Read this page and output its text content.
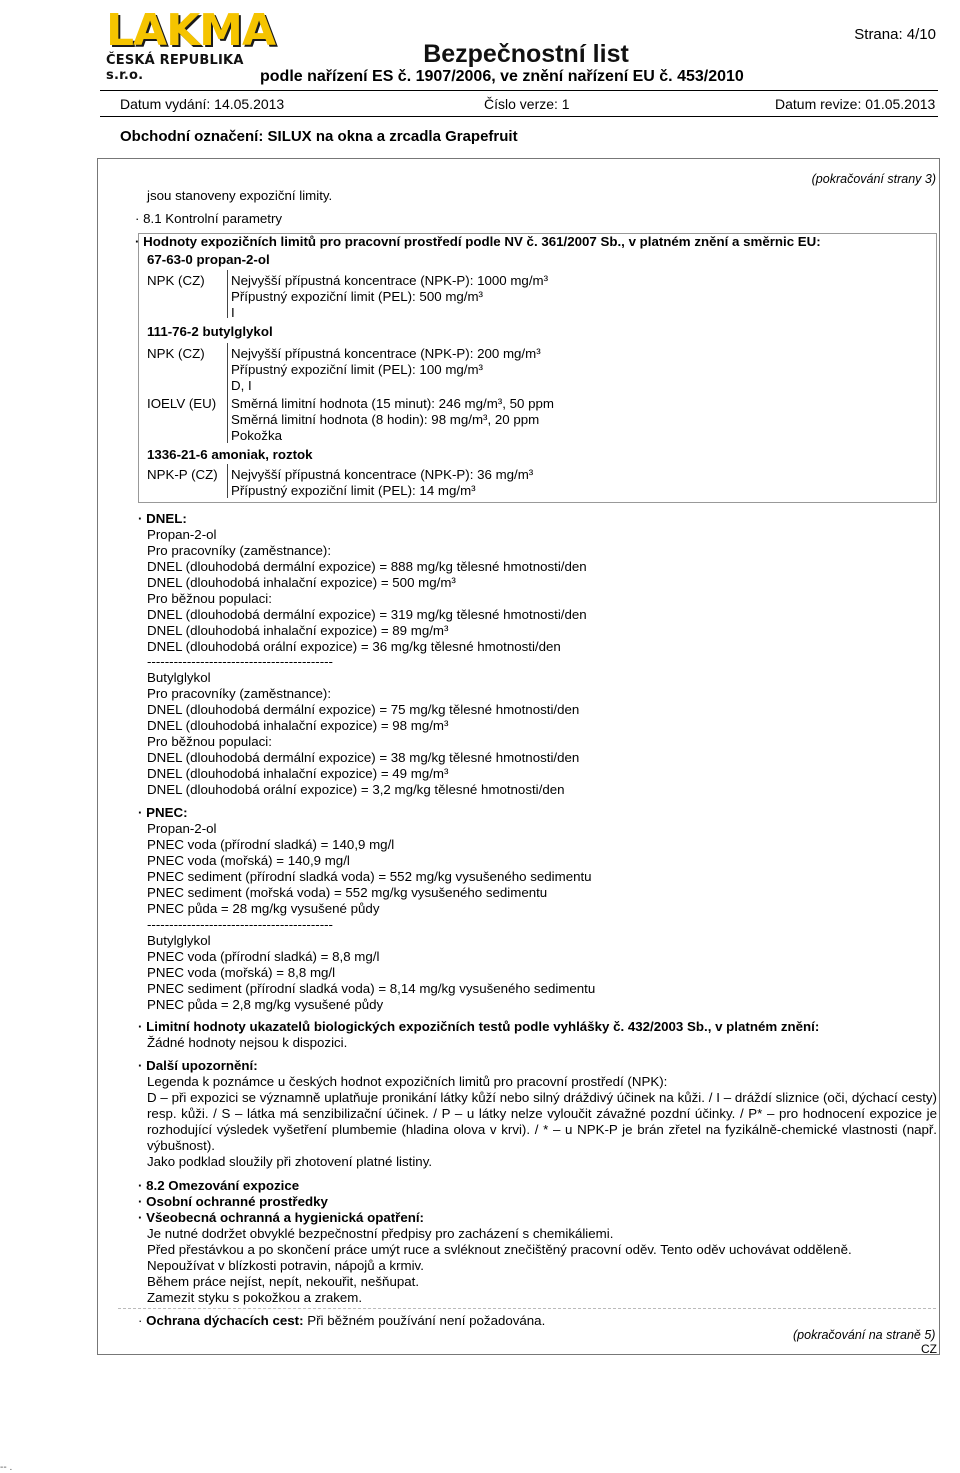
LAKMA
ČESKÁ REPUBLIKA s.r.o.
Strana: 4/10
Bezpečnostní list
podle nařízení ES č. 1907/2006, ve znění nařízení EU č. 453/2010
Datum vydání: 14.05.2013	Číslo verze: 1	Datum revize: 01.05.2013
Obchodní označení: SILUX na okna a zrcadla Grapefruit
(pokračování strany 3)
jsou stanoveny expoziční limity.
· 8.1 Kontrolní parametry
· Hodnoty expozičních limitů pro pracovní prostředí podle NV č. 361/2007 Sb., v platném znění a směrnic EU:
67-63-0 propan-2-ol
NPK (CZ) Nejvyšší přípustná koncentrace (NPK-P): 1000 mg/m³
Přípustný expoziční limit (PEL): 500 mg/m³
I
111-76-2 butylglykol
NPK (CZ) Nejvyšší přípustná koncentrace (NPK-P): 200 mg/m³
Přípustný expoziční limit (PEL): 100 mg/m³
D, I
IOELV (EU) Směrná limitní hodnota (15 minut): 246 mg/m³, 50 ppm
Směrná limitní hodnota (8 hodin): 98 mg/m³, 20 ppm
Pokožka
1336-21-6 amoniak, roztok
NPK-P (CZ) Nejvyšší přípustná koncentrace (NPK-P): 36 mg/m³
Přípustný expoziční limit (PEL): 14 mg/m³
· DNEL:
Propan-2-ol
Pro pracovníky (zaměstnance):
DNEL (dlouhodobá dermální expozice) = 888 mg/kg tělesné hmotnosti/den
DNEL (dlouhodobá inhalační expozice) = 500 mg/m³
Pro běžnou populaci:
DNEL (dlouhodobá dermální expozice) = 319 mg/kg tělesné hmotnosti/den
DNEL (dlouhodobá inhalační expozice) = 89 mg/m³
DNEL (dlouhodobá orální expozice) = 36 mg/kg tělesné hmotnosti/den
------------------------------------------
Butylglykol
Pro pracovníky (zaměstnance):
DNEL (dlouhodobá dermální expozice) = 75 mg/kg tělesné hmotnosti/den
DNEL (dlouhodobá inhalační expozice) = 98 mg/m³
Pro běžnou populaci:
DNEL (dlouhodobá dermální expozice) = 38 mg/kg tělesné hmotnosti/den
DNEL (dlouhodobá inhalační expozice) = 49 mg/m³
DNEL (dlouhodobá orální expozice) = 3,2 mg/kg tělesné hmotnosti/den
· PNEC:
Propan-2-ol
PNEC voda (přírodní sladká) = 140,9 mg/l
PNEC voda (mořská) = 140,9 mg/l
PNEC sediment (přírodní sladká voda) = 552 mg/kg vysušeného sedimentu
PNEC sediment (mořská voda) = 552 mg/kg vysušeného sedimentu
PNEC půda = 28 mg/kg vysušené půdy
------------------------------------------
Butylglykol
PNEC voda (přírodní sladká) = 8,8 mg/l
PNEC voda (mořská) = 8,8 mg/l
PNEC sediment (přírodní sladká voda) = 8,14 mg/kg vysušeného sedimentu
PNEC půda = 2,8 mg/kg vysušené půdy
· Limitní hodnoty ukazatelů biologických expozičních testů podle vyhlášky č. 432/2003 Sb., v platném znění:
Žádné hodnoty nejsou k dispozici.
· Další upozornění:
Legenda k poznámce u českých hodnot expozičních limitů pro pracovní prostředí (NPK):
D – při expozici se významně uplatňuje pronikání látky kůží nebo silný dráždivý účinek na kůži. / I – dráždí sliznice (oči, dýchací cesty) resp. kůži. / S – látka má senzibilizační účinek. / P – u látky nelze vyloučit závažné pozdní účinky. / P* – pro hodnocení expozice je rozhodující výsledek vyšetření plumbemie (hladina olova v krvi). / * – u NPK-P je brán zřetel na fyzikálně-chemické vlastnosti (např. výbušnost).
Jako podklad sloužily při zhotovení platné listiny.
· 8.2 Omezování expozice
· Osobní ochranné prostředky
· Všeobecná ochranná a hygienická opatření:
Je nutné dodržet obvyklé bezpečnostní předpisy pro zacházení s chemikáliemi.
Před přestávkou a po skončení práce umýt ruce a svléknout znečištěný pracovní oděv. Tento oděv uchovávat odděleně.
Nepoužívat v blízkosti potravin, nápojů a krmiv.
Během práce nejíst, nepít, nekouřit, nešňupat.
Zamezit styku s pokožkou a zrakem.
· Ochrana dýchacích cest: Při běžném používání není požadována.
(pokračování na straně 5)
CZ
-- .
